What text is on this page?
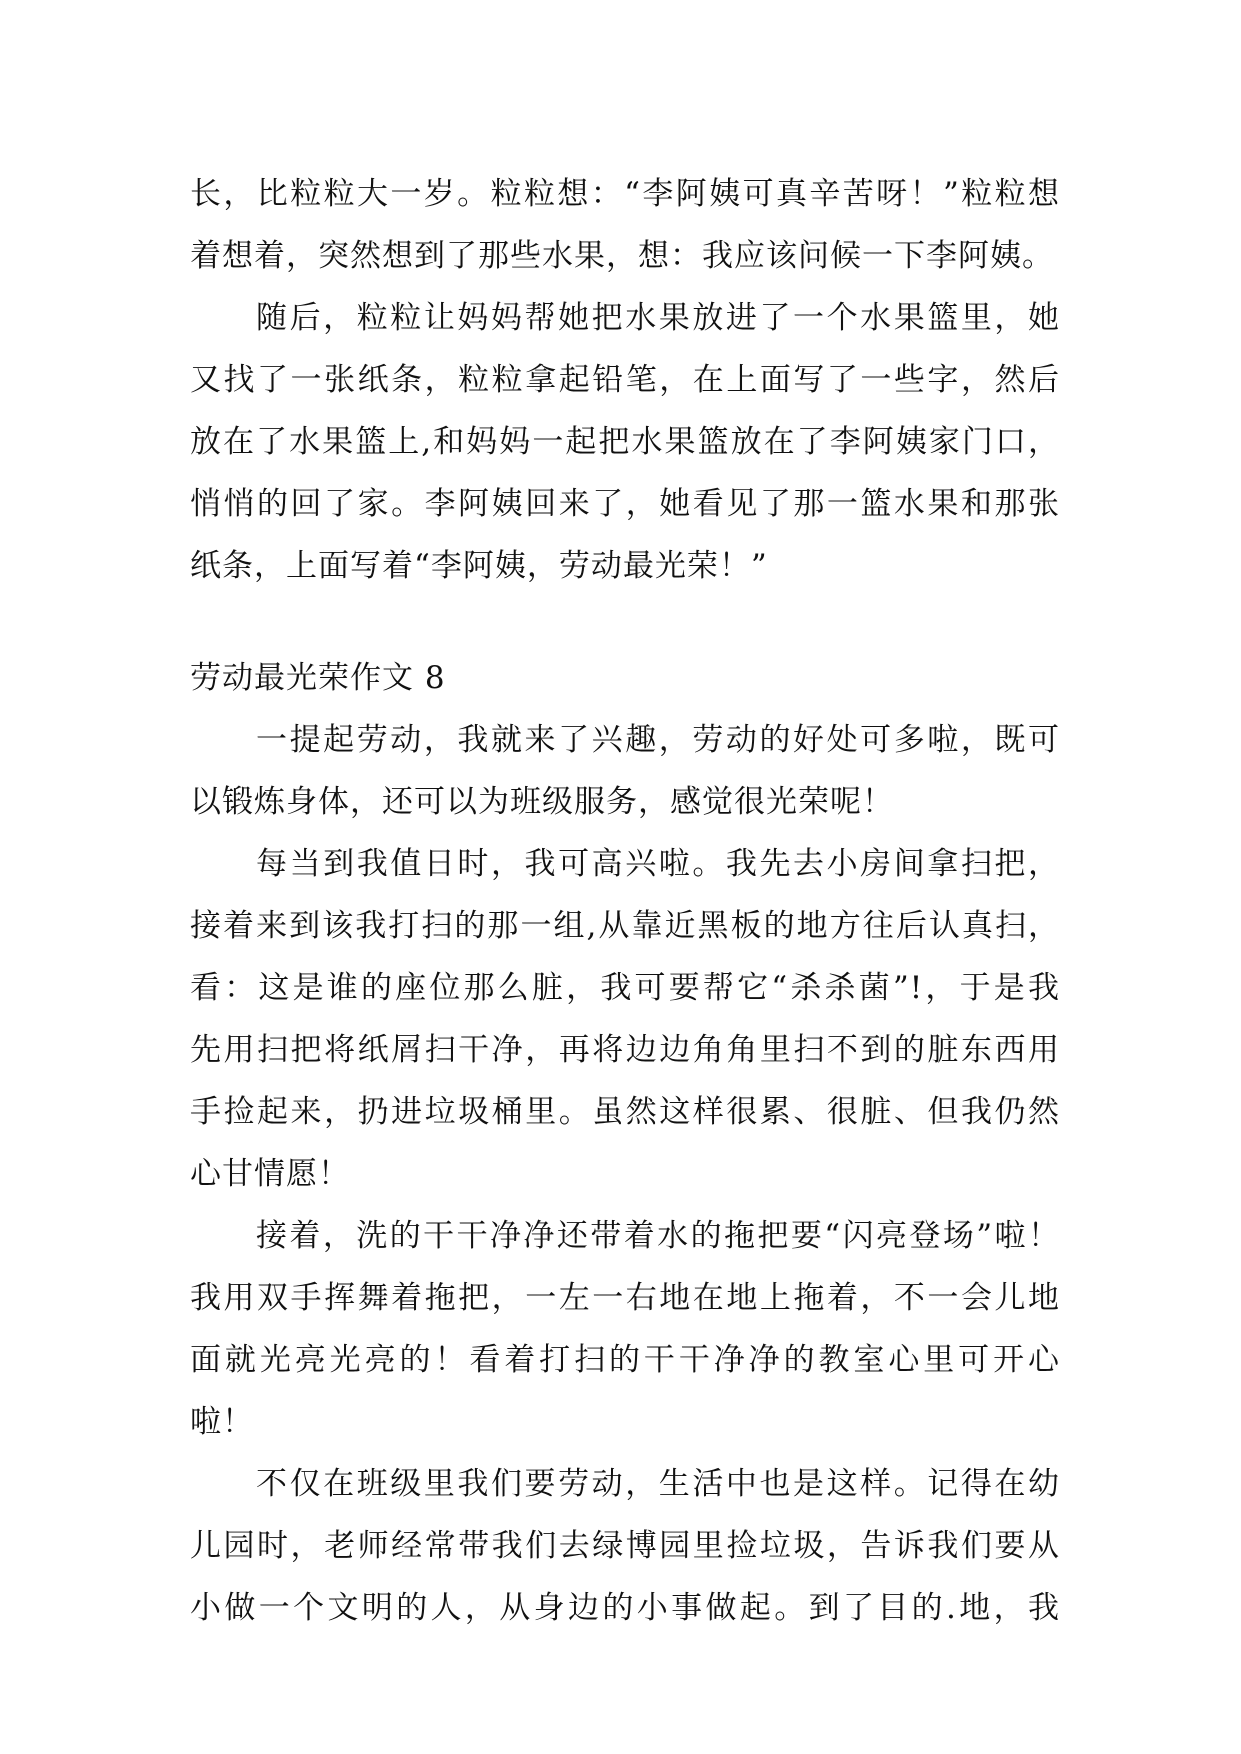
长，比粒粒大一岁。粒粒想：“李阿姨可真辛苦呀！”粒粒想
着想着，突然想到了那些水果，想：我应该问候一下李阿姨。
随后，粒粒让妈妈帮她把水果放进了一个水果篮里，她
又找了一张纸条，粒粒拿起铅笔，在上面写了一些字，然后
放在了水果篮上,和妈妈一起把水果篮放在了李阿姨家门口，
悄悄的回了家。李阿姨回来了，她看见了那一篮水果和那张
纸条，上面写着“李阿姨，劳动最光荣！”
劳动最光荣作文 8
一提起劳动，我就来了兴趣，劳动的好处可多啦，既可
以锻炼身体，还可以为班级服务，感觉很光荣呢！
每当到我值日时，我可高兴啦。我先去小房间拿扫把，
接着来到该我打扫的那一组,从靠近黑板的地方往后认真扫，
看：这是谁的座位那么脏，我可要帮它“杀杀菌”!，于是我
先用扫把将纸屑扫干净，再将边边角角里扫不到的脏东西用
手捡起来，扔进垃圾桶里。虽然这样很累、很脏、但我仍然
心甘情愿！
接着，洗的干干净净还带着水的拖把要“闪亮登场”啦！
我用双手挥舞着拖把，一左一右地在地上拖着，不一会儿地
面就光亮光亮的！看着打扫的干干净净的教室心里可开心
啦！
不仅在班级里我们要劳动，生活中也是这样。记得在幼
儿园时，老师经常带我们去绿博园里捡垃圾，告诉我们要从
小做一个文明的人，从身边的小事做起。到了目的.地，我
